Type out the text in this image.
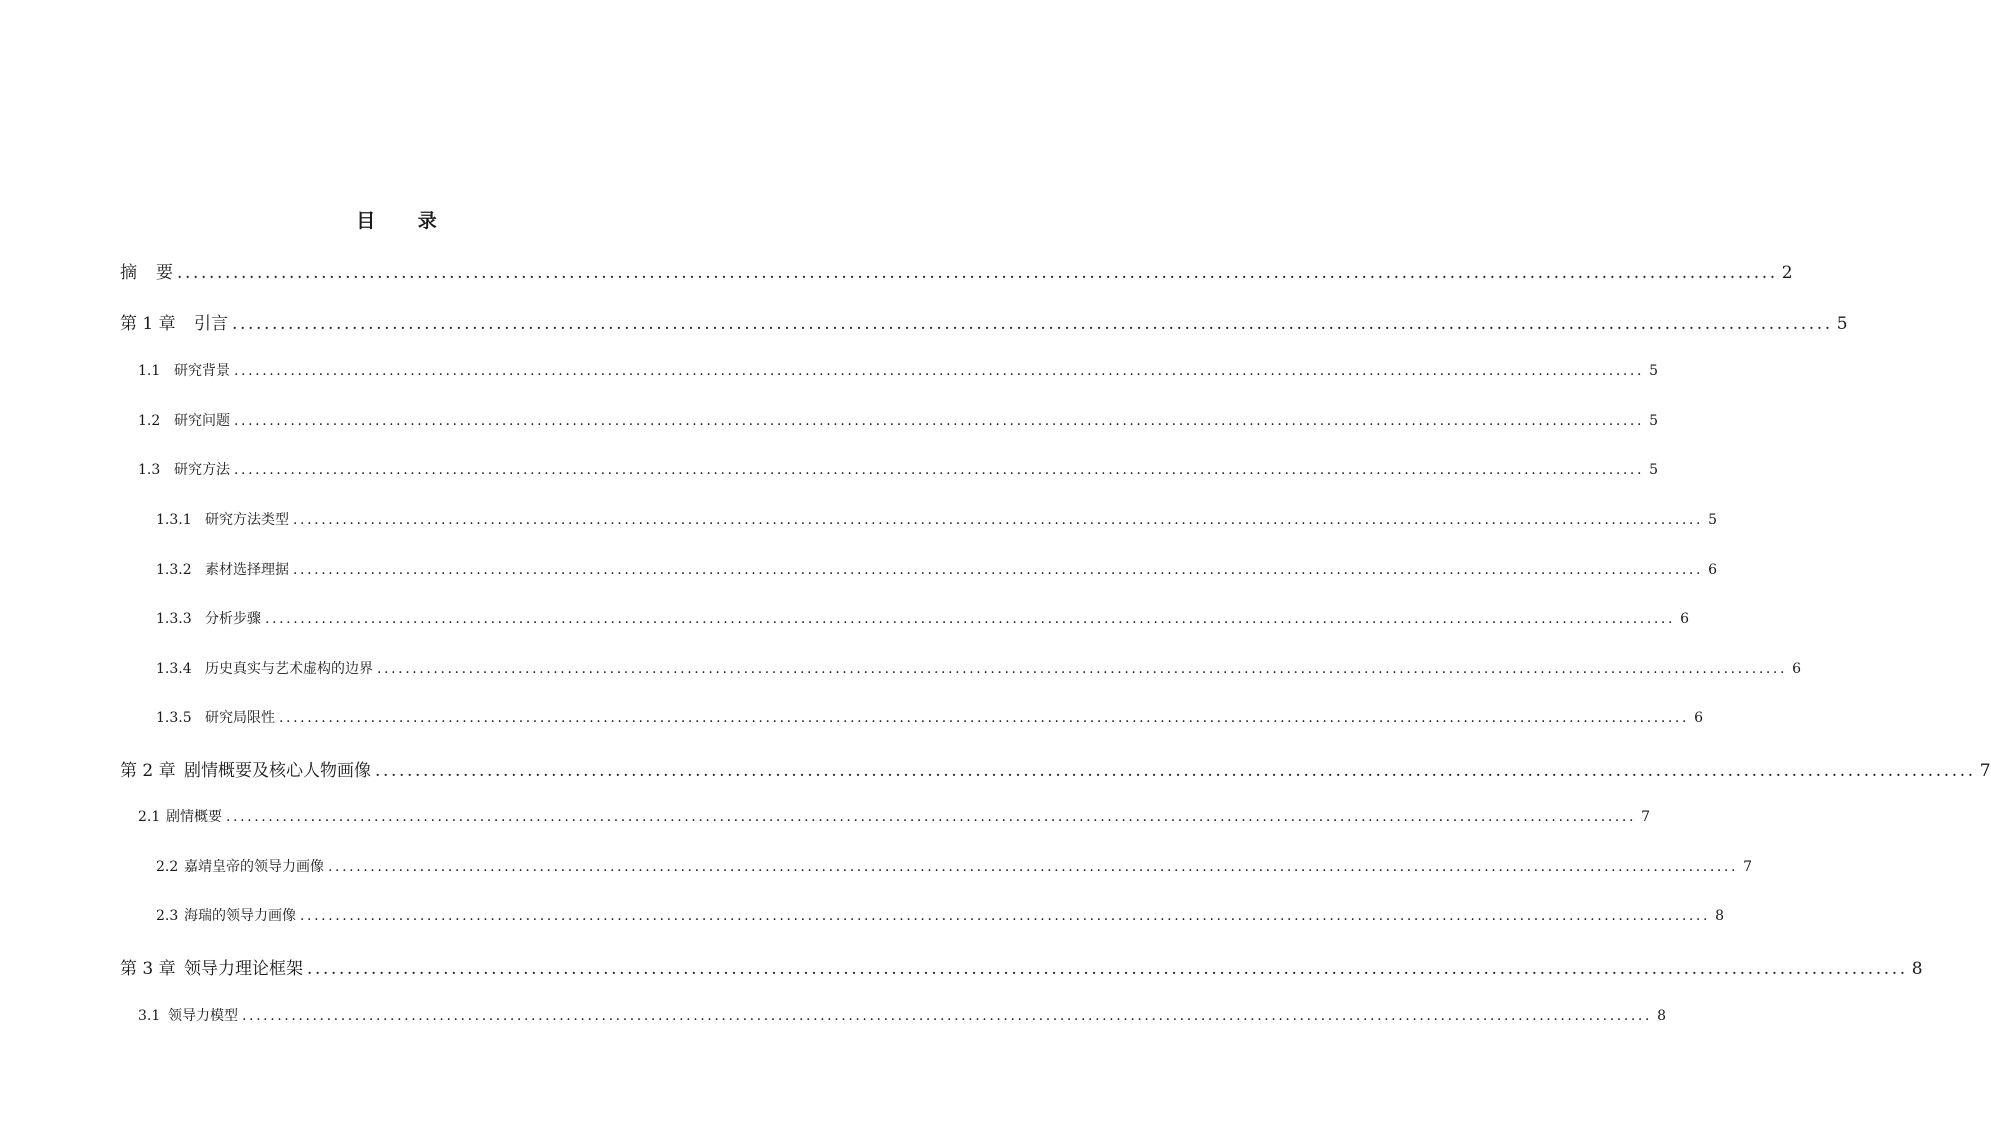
目 录
摘	要 ........................................................................................................................................................................................................ 2
第 1 章	引言 ........................................................................................................................................................................................................ 5
1.1 研究背景 ........................................................................................................................................................................................................ 5
1.2 研究问题 ........................................................................................................................................................................................................ 5
1.3 研究方法 ........................................................................................................................................................................................................ 5
1.3.1 研究方法类型 ........................................................................................................................................................................................................ 5
1.3.2 素材选择理据 ........................................................................................................................................................................................................ 6
1.3.3 分析步骤 ........................................................................................................................................................................................................ 6
1.3.4 历史真实与艺术虚构的边界 ........................................................................................................................................................................................................ 6
1.3.5 研究局限性 ........................................................................................................................................................................................................ 6
第 2 章 剧情概要及核心人物画像 ........................................................................................................................................................................................................ 7
2.1 剧情概要 ........................................................................................................................................................................................................ 7
2.2 嘉靖皇帝的领导力画像 ........................................................................................................................................................................................................ 7
2.3 海瑞的领导力画像 ........................................................................................................................................................................................................ 8
第 3 章 领导力理论框架 ........................................................................................................................................................................................................ 8
3.1 领导力模型 ........................................................................................................................................................................................................ 8
